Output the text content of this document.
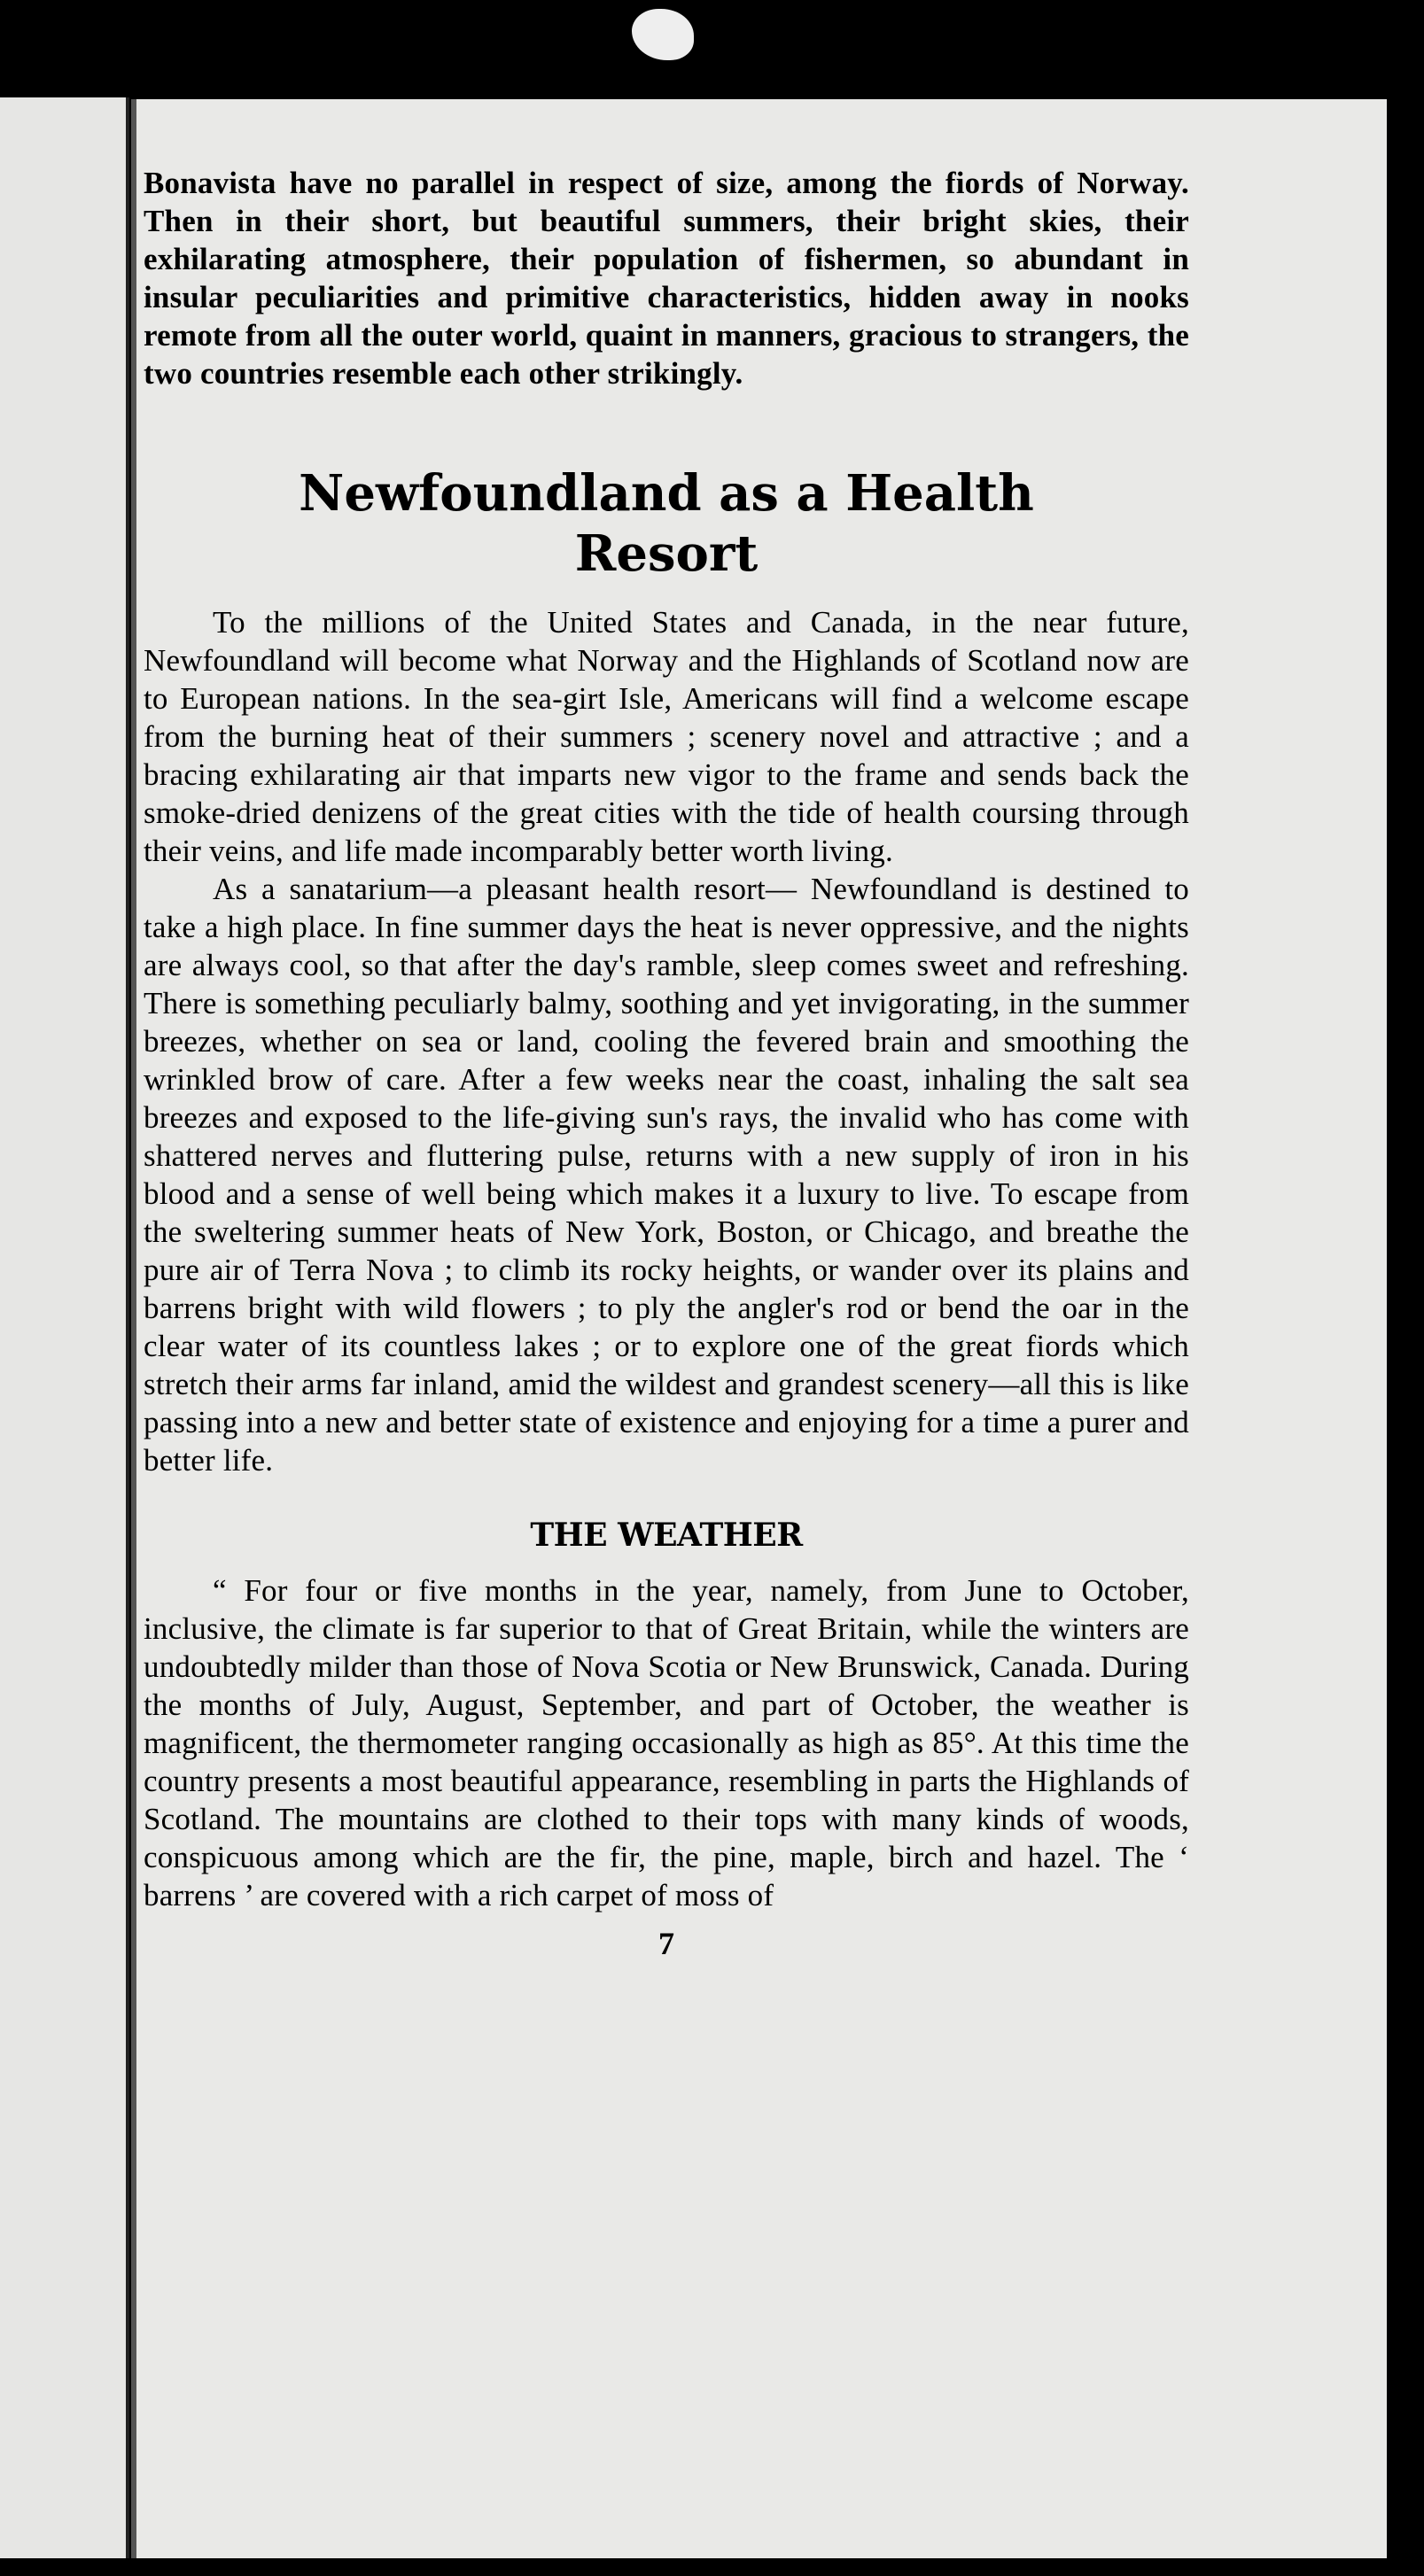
Bonavista have no parallel in respect of size, among the fiords of Norway. Then in their short, but beautiful summers, their bright skies, their exhilarating atmosphere, their population of fishermen, so abundant in insular peculiarities and primitive characteristics, hidden away in nooks remote from all the outer world, quaint in manners, gracious to strangers, the two countries resemble each other strikingly.

Newfoundland as a Health Resort

To the millions of the United States and Canada, in the near future, Newfoundland will become what Norway and the Highlands of Scotland now are to European nations. In the sea-girt Isle, Americans will find a welcome escape from the burning heat of their summers ; scenery novel and attractive ; and a bracing exhilarating air that imparts new vigor to the frame and sends back the smoke-dried denizens of the great cities with the tide of health coursing through their veins, and life made incomparably better worth living.

As a sanatarium—a pleasant health resort— Newfoundland is destined to take a high place. In fine summer days the heat is never oppressive, and the nights are always cool, so that after the day's ramble, sleep comes sweet and refreshing. There is something peculiarly balmy, soothing and yet invigorating, in the summer breezes, whether on sea or land, cooling the fevered brain and smoothing the wrinkled brow of care. After a few weeks near the coast, inhaling the salt sea breezes and exposed to the life-giving sun's rays, the invalid who has come with shattered nerves and fluttering pulse, returns with a new supply of iron in his blood and a sense of well being which makes it a luxury to live. To escape from the sweltering summer heats of New York, Boston, or Chicago, and breathe the pure air of Terra Nova ; to climb its rocky heights, or wander over its plains and barrens bright with wild flowers ; to ply the angler's rod or bend the oar in the clear water of its countless lakes ; or to explore one of the great fiords which stretch their arms far inland, amid the wildest and grandest scenery—all this is like passing into a new and better state of existence and enjoying for a time a purer and better life.

THE WEATHER

“ For four or five months in the year, namely, from June to October, inclusive, the climate is far superior to that of Great Britain, while the winters are undoubtedly milder than those of Nova Scotia or New Brunswick, Canada. During the months of July, August, September, and part of October, the weather is magnificent, the thermometer ranging occasionally as high as 85°. At this time the country presents a most beautiful appearance, resembling in parts the Highlands of Scotland. The mountains are clothed to their tops with many kinds of woods, conspicuous among which are the fir, the pine, maple, birch and hazel. The ‘ barrens ’ are covered with a rich carpet of moss of

7
